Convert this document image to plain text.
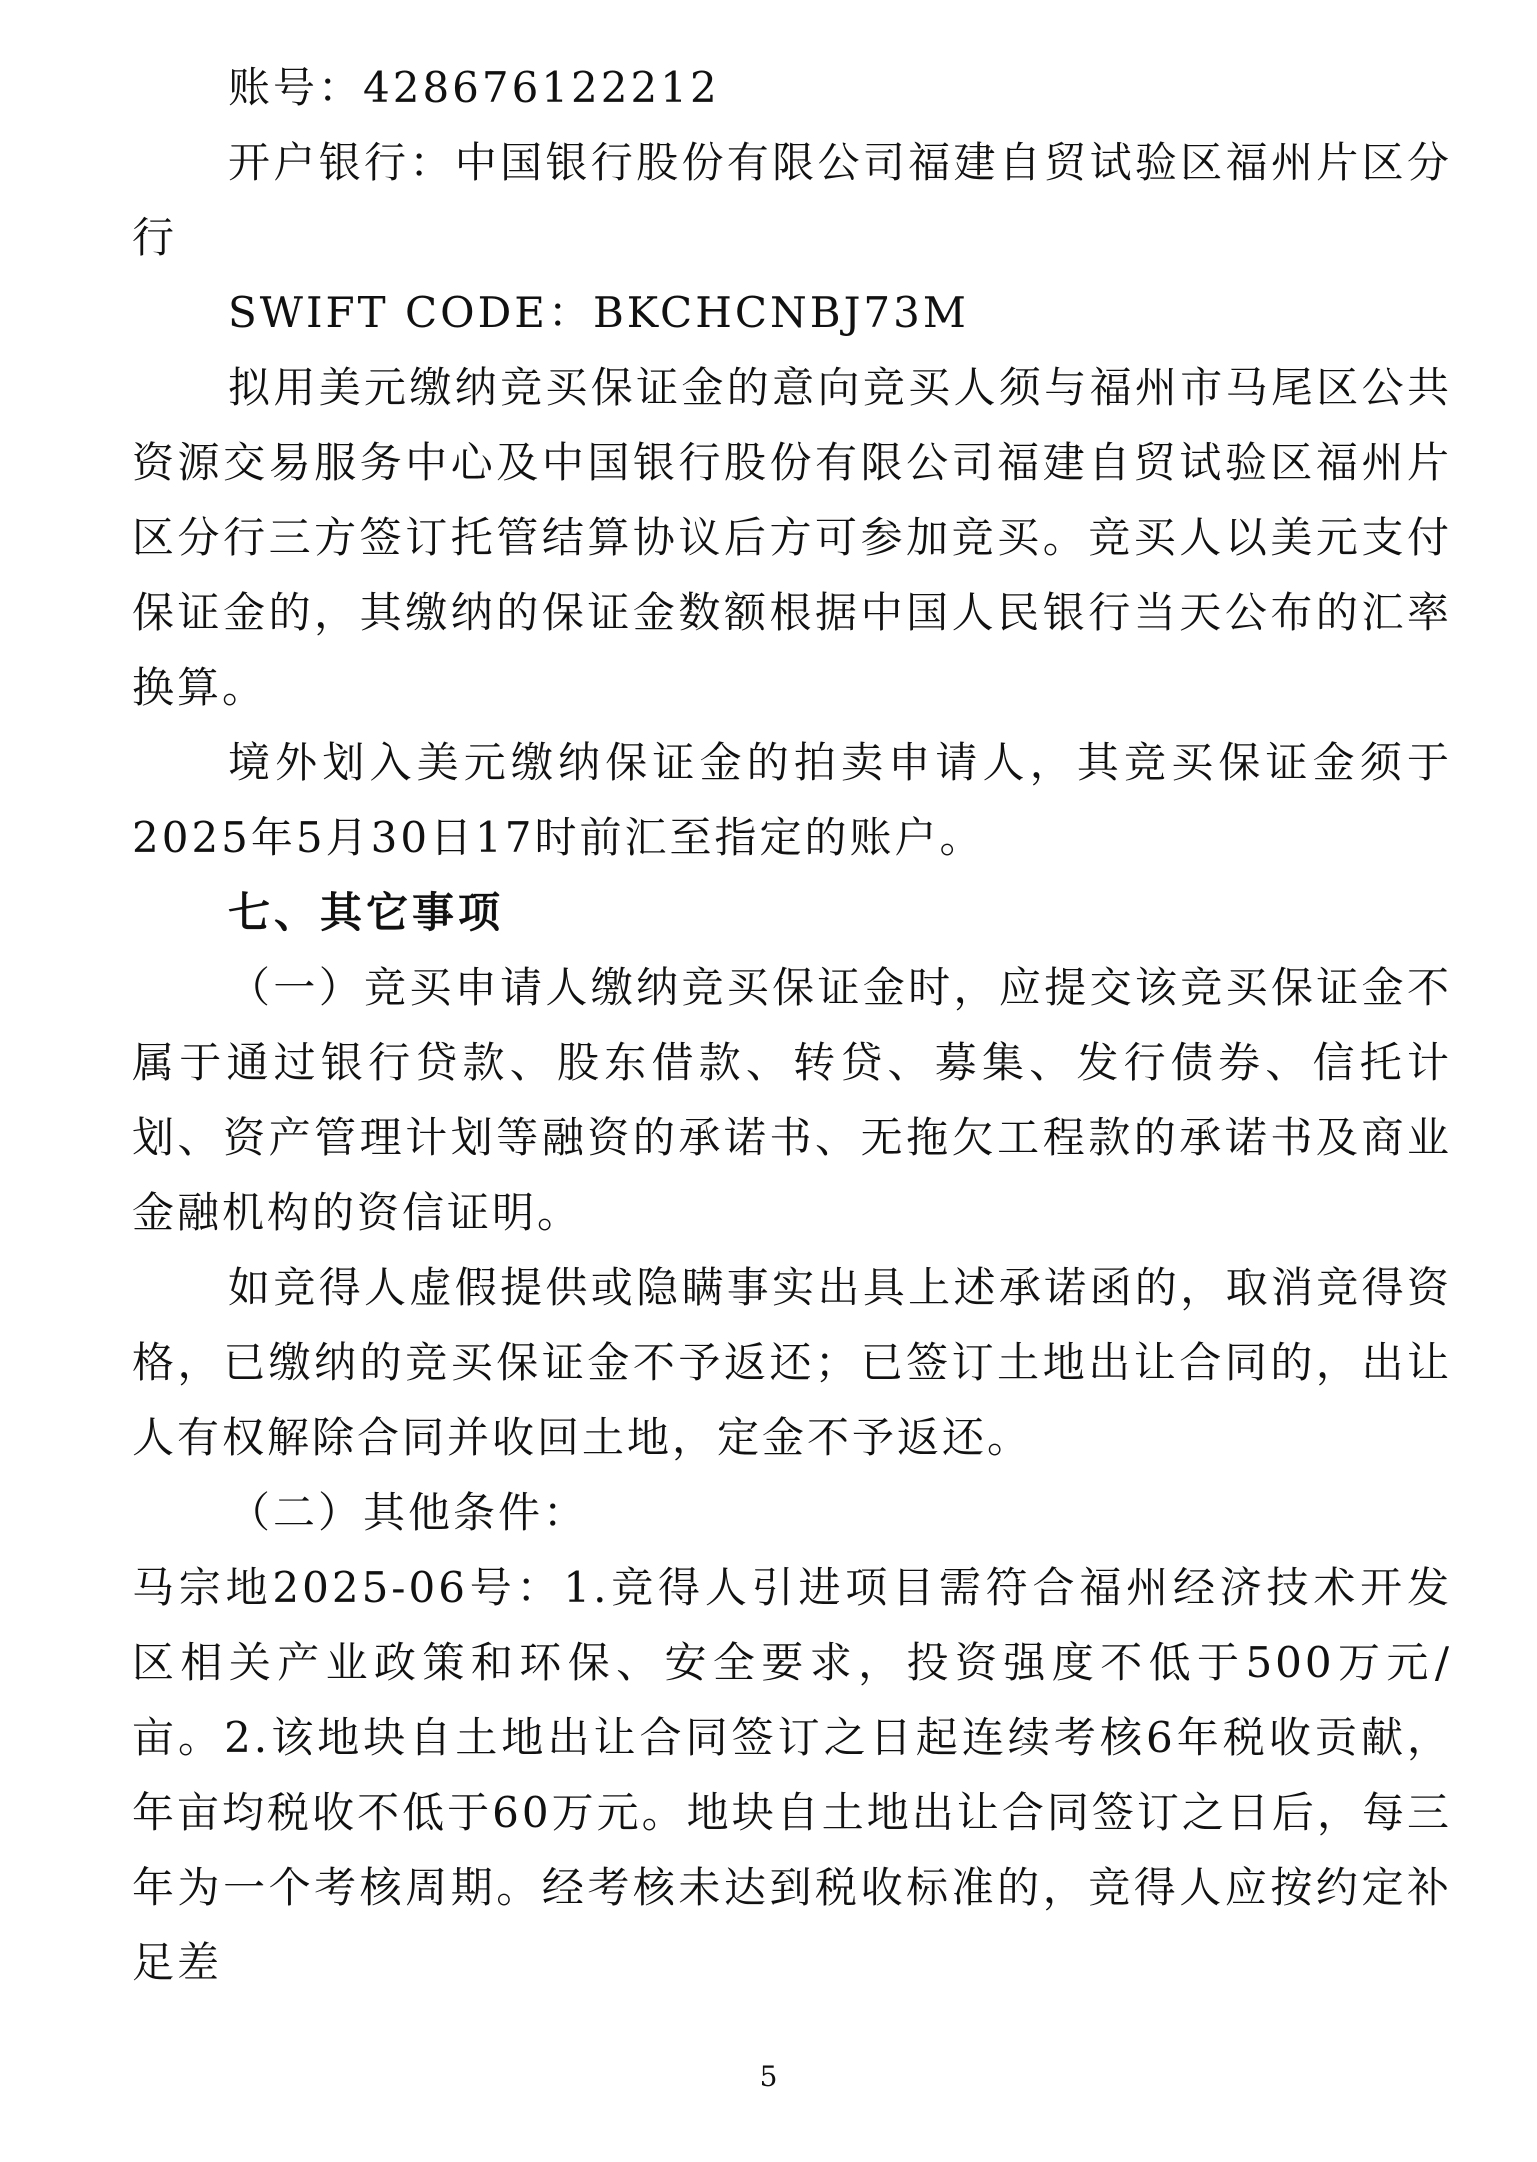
账号：428676122212

开户银行：中国银行股份有限公司福建自贸试验区福州片区分行

SWIFT CODE：BKCHCNBJ73M

拟用美元缴纳竞买保证金的意向竞买人须与福州市马尾区公共资源交易服务中心及中国银行股份有限公司福建自贸试验区福州片区分行三方签订托管结算协议后方可参加竞买。竞买人以美元支付保证金的，其缴纳的保证金数额根据中国人民银行当天公布的汇率换算。

境外划入美元缴纳保证金的拍卖申请人，其竞买保证金须于2025年5月30日17时前汇至指定的账户。

七、其它事项

（一）竞买申请人缴纳竞买保证金时，应提交该竞买保证金不属于通过银行贷款、股东借款、转贷、募集、发行债券、信托计划、资产管理计划等融资的承诺书、无拖欠工程款的承诺书及商业金融机构的资信证明。

如竞得人虚假提供或隐瞒事实出具上述承诺函的，取消竞得资格，已缴纳的竞买保证金不予返还；已签订土地出让合同的，出让人有权解除合同并收回土地，定金不予返还。

（二）其他条件：

马宗地2025-06号：1.竞得人引进项目需符合福州经济技术开发区相关产业政策和环保、安全要求，投资强度不低于500万元/亩。2.该地块自土地出让合同签订之日起连续考核6年税收贡献，年亩均税收不低于60万元。地块自土地出让合同签订之日后，每三年为一个考核周期。经考核未达到税收标准的，竞得人应按约定补足差

5
